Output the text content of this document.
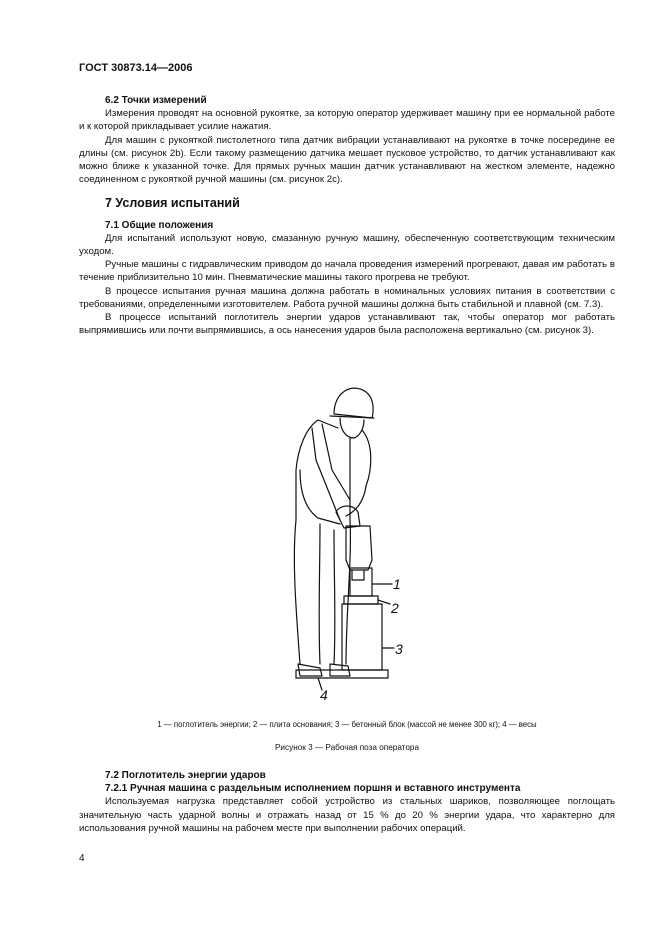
ГОСТ 30873.14—2006
6.2 Точки измерений

Измерения проводят на основной рукоятке, за которую оператор удерживает машину при ее нормальной работе и к которой прикладывает усилие нажатия.

Для машин с рукояткой пистолетного типа датчик вибрации устанавливают на рукоятке в точке посередине ее длины (см. рисунок 2b). Если такому размещению датчика мешает пусковое устройство, то датчик устанавливают как можно ближе к указанной точке. Для прямых ручных машин датчик устанавливают на жестком элементе, надежно соединенном с рукояткой ручной машины (см. рисунок 2c).

7 Условия испытаний
7.1 Общие положения

Для испытаний используют новую, смазанную ручную машину, обеспеченную соответствующим техническим уходом.

Ручные машины с гидравлическим приводом до начала проведения измерений прогревают, давая им работать в течение приблизительно 10 мин. Пневматические машины такого прогрева не требуют.

В процессе испытания ручная машина должна работать в номинальных условиях питания в соответствии с требованиями, определенными изготовителем. Работа ручной машины должна быть стабильной и плавной (см. 7.3).

В процессе испытаний поглотитель энергии ударов устанавливают так, чтобы оператор мог работать выпрямившись или почти выпрямившись, а ось нанесения ударов была расположена вертикально (см. рисунок 3).

1
2
3
4
1 — поглотитель энергии; 2 — плита основания; 3 — бетонный блок (массой не менее 300 кг); 4 — весы
Рисунок 3 — Рабочая поза оператора
7.2 Поглотитель энергии ударов
7.2.1 Ручная машина с раздельным исполнением поршня и вставного инструмента

Используемая нагрузка представляет собой устройство из стальных шариков, позволяющее поглощать значительную часть ударной волны и отражать назад от 15 % до 20 % энергии удара, что характерно для использования ручной машины на рабочем месте при выполнении рабочих операций.

4
